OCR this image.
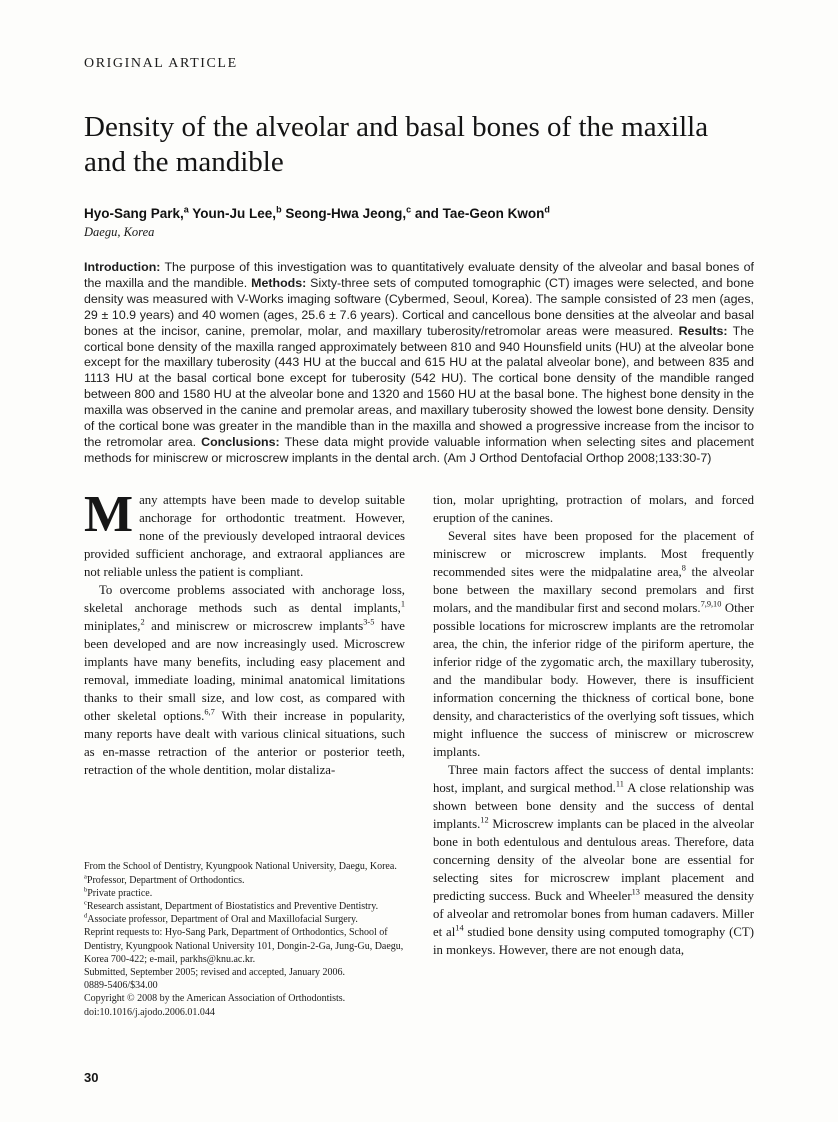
ORIGINAL ARTICLE
Density of the alveolar and basal bones of the maxilla and the mandible
Hyo-Sang Park,$^a$ Youn-Ju Lee,$^b$ Seong-Hwa Jeong,$^c$ and Tae-Geon Kwon$^d$
Daegu, Korea
Introduction: The purpose of this investigation was to quantitatively evaluate density of the alveolar and basal bones of the maxilla and the mandible. Methods: Sixty-three sets of computed tomographic (CT) images were selected, and bone density was measured with V-Works imaging software (Cybermed, Seoul, Korea). The sample consisted of 23 men (ages, 29 ± 10.9 years) and 40 women (ages, 25.6 ± 7.6 years). Cortical and cancellous bone densities at the alveolar and basal bones at the incisor, canine, premolar, molar, and maxillary tuberosity/retromolar areas were measured. Results: The cortical bone density of the maxilla ranged approximately between 810 and 940 Hounsfield units (HU) at the alveolar bone except for the maxillary tuberosity (443 HU at the buccal and 615 HU at the palatal alveolar bone), and between 835 and 1113 HU at the basal cortical bone except for tuberosity (542 HU). The cortical bone density of the mandible ranged between 800 and 1580 HU at the alveolar bone and 1320 and 1560 HU at the basal bone. The highest bone density in the maxilla was observed in the canine and premolar areas, and maxillary tuberosity showed the lowest bone density. Density of the cortical bone was greater in the mandible than in the maxilla and showed a progressive increase from the incisor to the retromolar area. Conclusions: These data might provide valuable information when selecting sites and placement methods for miniscrew or microscrew implants in the dental arch. (Am J Orthod Dentofacial Orthop 2008;133:30-7)

Many attempts have been made to develop suitable anchorage for orthodontic treatment. However, none of the previously developed intraoral devices provided sufficient anchorage, and extraoral appliances are not reliable unless the patient is compliant.

To overcome problems associated with anchorage loss, skeletal anchorage methods such as dental implants,$^1$ miniplates,$^2$ and miniscrew or microscrew implants$^{3-5}$ have been developed and are now increasingly used. Microscrew implants have many benefits, including easy placement and removal, immediate loading, minimal anatomical limitations thanks to their small size, and low cost, as compared with other skeletal options.$^{6,7}$ With their increase in popularity, many reports have dealt with various clinical situations, such as en-masse retraction of the anterior or posterior teeth, retraction of the whole dentition, molar distaliza-

From the School of Dentistry, Kyungpook National University, Daegu, Korea.
$^a$Professor, Department of Orthodontics.
$^b$Private practice.
$^c$Research assistant, Department of Biostatistics and Preventive Dentistry.
$^d$Associate professor, Department of Oral and Maxillofacial Surgery.
Reprint requests to: Hyo-Sang Park, Department of Orthodontics, School of Dentistry, Kyungpook National University 101, Dongin-2-Ga, Jung-Gu, Daegu, Korea 700-422; e-mail, parkhs@knu.ac.kr.
Submitted, September 2005; revised and accepted, January 2006.
0889-5406/$34.00
Copyright © 2008 by the American Association of Orthodontists.
doi:10.1016/j.ajodo.2006.01.044

tion, molar uprighting, protraction of molars, and forced eruption of the canines.

Several sites have been proposed for the placement of miniscrew or microscrew implants. Most frequently recommended sites were the midpalatine area,$^8$ the alveolar bone between the maxillary second premolars and first molars, and the mandibular first and second molars.$^{7,9,10}$ Other possible locations for microscrew implants are the retromolar area, the chin, the inferior ridge of the piriform aperture, the inferior ridge of the zygomatic arch, the maxillary tuberosity, and the mandibular body. However, there is insufficient information concerning the thickness of cortical bone, bone density, and characteristics of the overlying soft tissues, which might influence the success of miniscrew or microscrew implants.

Three main factors affect the success of dental implants: host, implant, and surgical method.$^{11}$ A close relationship was shown between bone density and the success of dental implants.$^{12}$ Microscrew implants can be placed in the alveolar bone in both edentulous and dentulous areas. Therefore, data concerning density of the alveolar bone are essential for selecting sites for microscrew implant placement and predicting success. Buck and Wheeler$^{13}$ measured the density of alveolar and retromolar bones from human cadavers. Miller et $al^{14}$ studied bone density using computed tomography (CT) in monkeys. However, there are not enough data,

30
